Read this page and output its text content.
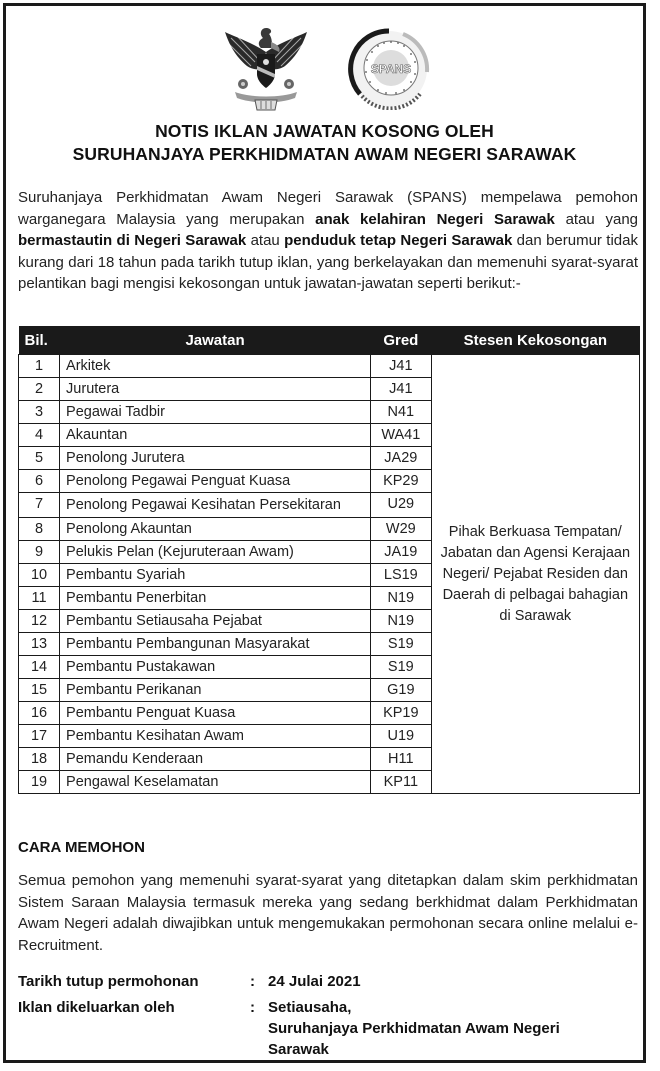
SPANS
NOTIS IKLAN JAWATAN KOSONG OLEH
SURUHANJAYA PERKHIDMATAN AWAM NEGERI SARAWAK
Suruhanjaya Perkhidmatan Awam Negeri Sarawak (SPANS) mempelawa pemohon warganegara Malaysia yang merupakan anak kelahiran Negeri Sarawak atau yang bermastautin di Negeri Sarawak atau penduduk tetap Negeri Sarawak dan berumur tidak kurang dari 18 tahun pada tarikh tutup iklan, yang berkelayakan dan memenuhi syarat-syarat pelantikan bagi mengisi kekosongan untuk jawatan-jawatan seperti berikut:-
Bil.	Jawatan	Gred	Stesen Kekosongan
1	Arkitek	J41	Pihak Berkuasa Tempatan/ Jabatan dan Agensi Kerajaan Negeri/ Pejabat Residen dan Daerah di pelbagai bahagian di Sarawak
2	Jurutera	J41	
3	Pegawai Tadbir	N41	
4	Akauntan	WA41	
5	Penolong Jurutera	JA29	
6	Penolong Pegawai Penguat Kuasa	KP29	
7	Penolong Pegawai Kesihatan Persekitaran	U29	
8	Penolong Akauntan	W29	
9	Pelukis Pelan (Kejuruteraan Awam)	JA19	
10	Pembantu Syariah	LS19	
11	Pembantu Penerbitan	N19	
12	Pembantu Setiausaha Pejabat	N19	
13	Pembantu Pembangunan Masyarakat	S19	
14	Pembantu Pustakawan	S19	
15	Pembantu Perikanan	G19	
16	Pembantu Penguat Kuasa	KP19	
17	Pembantu Kesihatan Awam	U19	
18	Pemandu Kenderaan	H11	
19	Pengawal Keselamatan	KP11	
CARA MEMOHON
Semua pemohon yang memenuhi syarat-syarat yang ditetapkan dalam skim perkhidmatan Sistem Saraan Malaysia termasuk mereka yang sedang berkhidmat dalam Perkhidmatan Awam Negeri adalah diwajibkan untuk mengemukakan permohonan secara online melalui e-Recruitment.
Tarikh tutup permohonan	: 24 Julai 2021
Iklan dikeluarkan oleh	: Setiausaha,
Suruhanjaya Perkhidmatan Awam Negeri Sarawak
